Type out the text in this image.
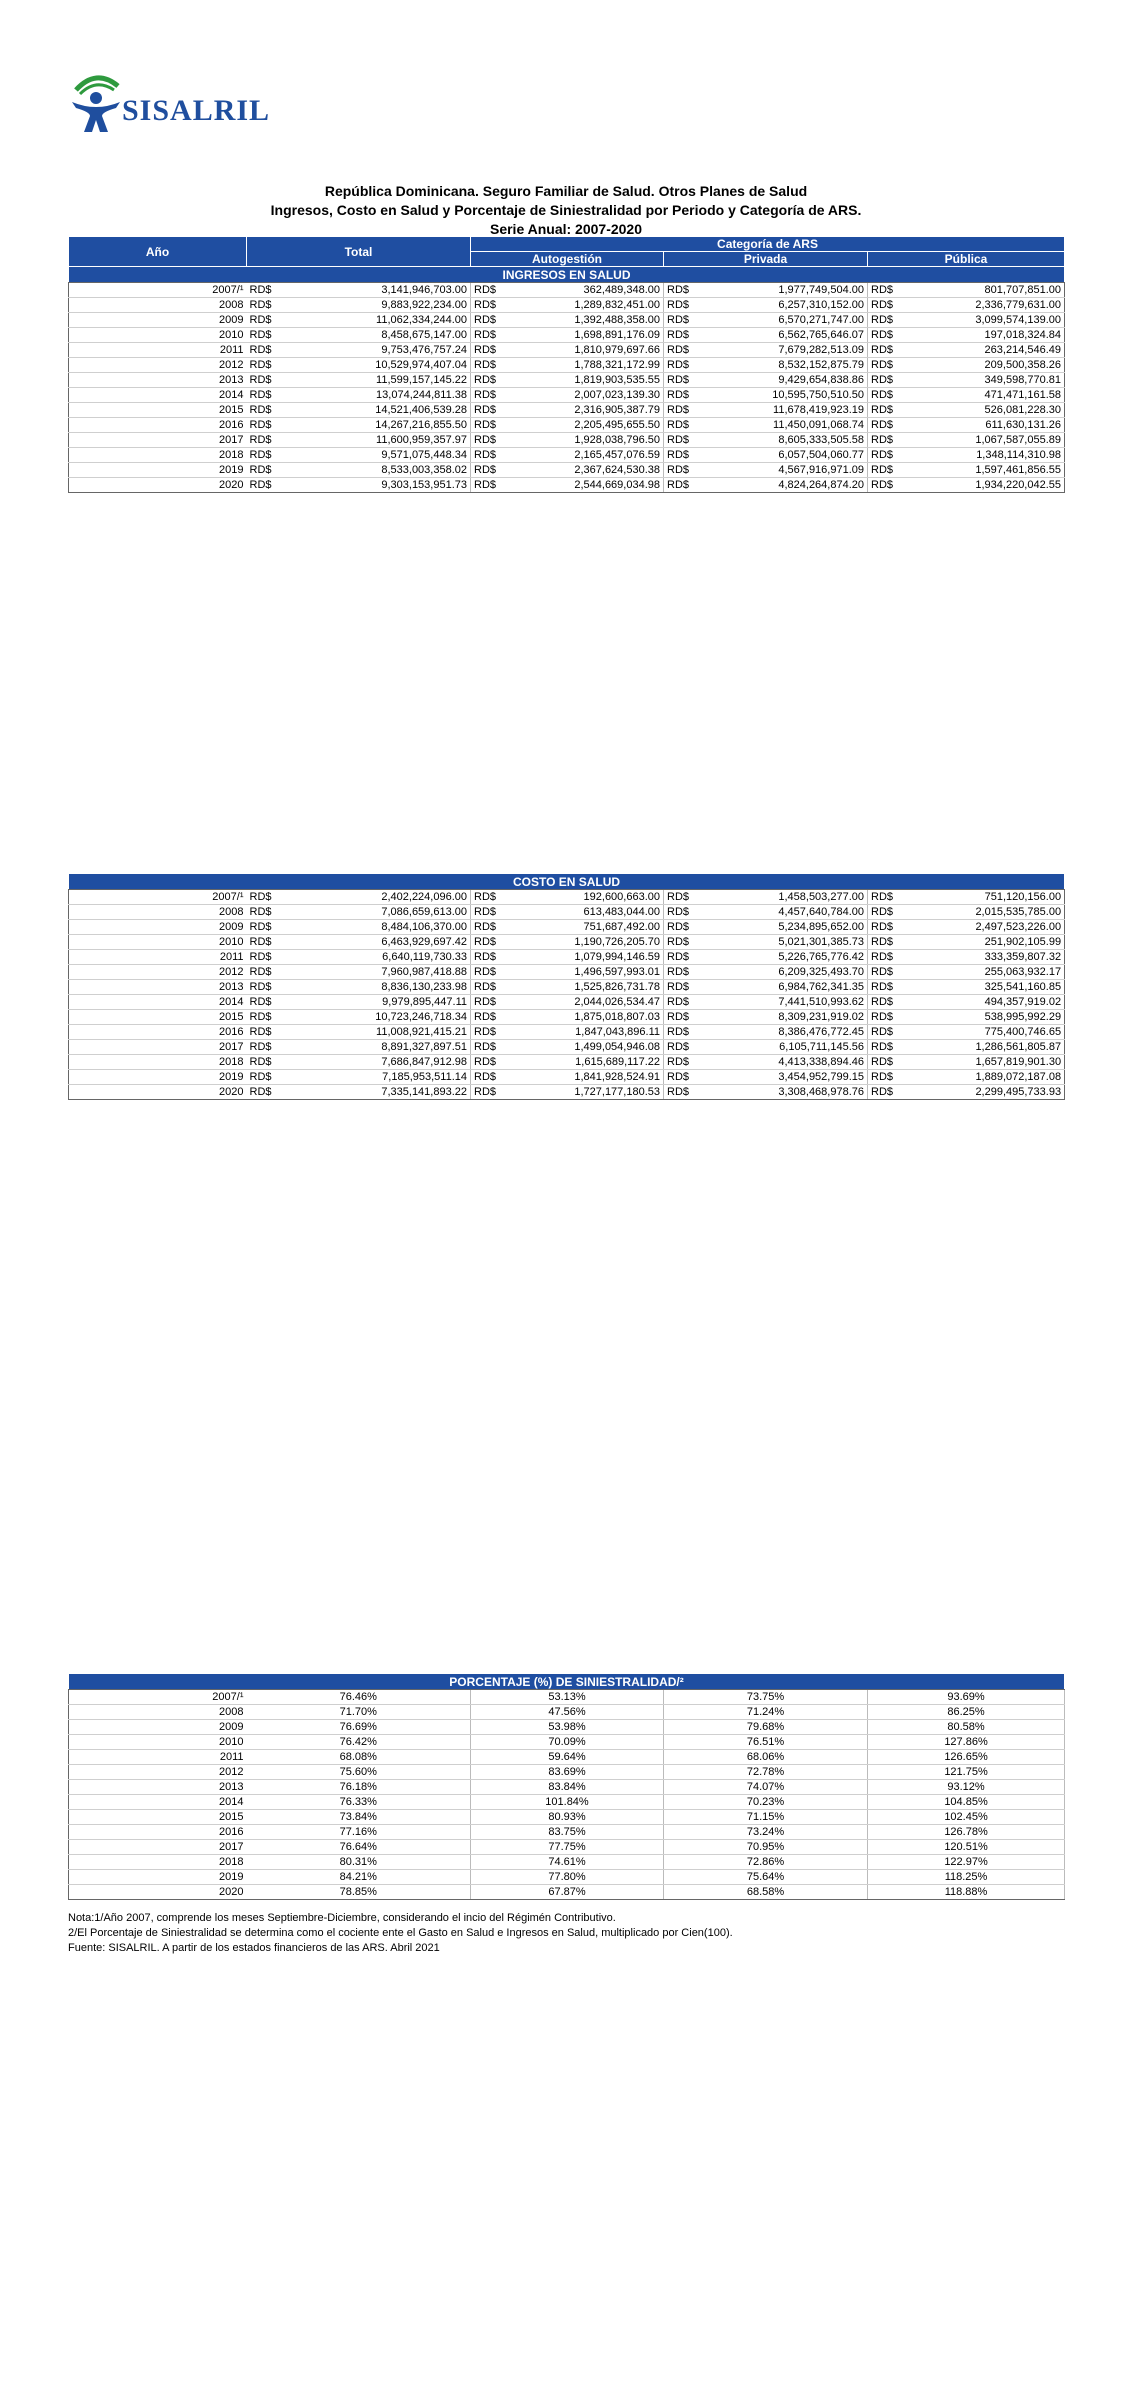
SISALRIL
República Dominicana. Seguro Familiar de Salud. Otros Planes de Salud
Ingresos, Costo en Salud y Porcentaje de Siniestralidad por Periodo y Categoría de ARS.
Serie Anual: 2007-2020
Año	Total		Categoría de ARS					
			Autogestión		Privada		Pública	
INGRESOS EN SALUD								
2007/¹	RD$	3,141,946,703.00	RD$	362,489,348.00	RD$	1,977,749,504.00	RD$	801,707,851.00
2008	RD$	9,883,922,234.00	RD$	1,289,832,451.00	RD$	6,257,310,152.00	RD$	2,336,779,631.00
2009	RD$	11,062,334,244.00	RD$	1,392,488,358.00	RD$	6,570,271,747.00	RD$	3,099,574,139.00
2010	RD$	8,458,675,147.00	RD$	1,698,891,176.09	RD$	6,562,765,646.07	RD$	197,018,324.84
2011	RD$	9,753,476,757.24	RD$	1,810,979,697.66	RD$	7,679,282,513.09	RD$	263,214,546.49
2012	RD$	10,529,974,407.04	RD$	1,788,321,172.99	RD$	8,532,152,875.79	RD$	209,500,358.26
2013	RD$	11,599,157,145.22	RD$	1,819,903,535.55	RD$	9,429,654,838.86	RD$	349,598,770.81
2014	RD$	13,074,244,811.38	RD$	2,007,023,139.30	RD$	10,595,750,510.50	RD$	471,471,161.58
2015	RD$	14,521,406,539.28	RD$	2,316,905,387.79	RD$	11,678,419,923.19	RD$	526,081,228.30
2016	RD$	14,267,216,855.50	RD$	2,205,495,655.50	RD$	11,450,091,068.74	RD$	611,630,131.26
2017	RD$	11,600,959,357.97	RD$	1,928,038,796.50	RD$	8,605,333,505.58	RD$	1,067,587,055.89
2018	RD$	9,571,075,448.34	RD$	2,165,457,076.59	RD$	6,057,504,060.77	RD$	1,348,114,310.98
2019	RD$	8,533,003,358.02	RD$	2,367,624,530.38	RD$	4,567,916,971.09	RD$	1,597,461,856.55
2020	RD$	9,303,153,951.73	RD$	2,544,669,034.98	RD$	4,824,264,874.20	RD$	1,934,220,042.55
COSTO EN SALUD								
2007/¹	RD$	2,402,224,096.00	RD$	192,600,663.00	RD$	1,458,503,277.00	RD$	751,120,156.00
2008	RD$	7,086,659,613.00	RD$	613,483,044.00	RD$	4,457,640,784.00	RD$	2,015,535,785.00
2009	RD$	8,484,106,370.00	RD$	751,687,492.00	RD$	5,234,895,652.00	RD$	2,497,523,226.00
2010	RD$	6,463,929,697.42	RD$	1,190,726,205.70	RD$	5,021,301,385.73	RD$	251,902,105.99
2011	RD$	6,640,119,730.33	RD$	1,079,994,146.59	RD$	5,226,765,776.42	RD$	333,359,807.32
2012	RD$	7,960,987,418.88	RD$	1,496,597,993.01	RD$	6,209,325,493.70	RD$	255,063,932.17
2013	RD$	8,836,130,233.98	RD$	1,525,826,731.78	RD$	6,984,762,341.35	RD$	325,541,160.85
2014	RD$	9,979,895,447.11	RD$	2,044,026,534.47	RD$	7,441,510,993.62	RD$	494,357,919.02
2015	RD$	10,723,246,718.34	RD$	1,875,018,807.03	RD$	8,309,231,919.02	RD$	538,995,992.29
2016	RD$	11,008,921,415.21	RD$	1,847,043,896.11	RD$	8,386,476,772.45	RD$	775,400,746.65
2017	RD$	8,891,327,897.51	RD$	1,499,054,946.08	RD$	6,105,711,145.56	RD$	1,286,561,805.87
2018	RD$	7,686,847,912.98	RD$	1,615,689,117.22	RD$	4,413,338,894.46	RD$	1,657,819,901.30
2019	RD$	7,185,953,511.14	RD$	1,841,928,524.91	RD$	3,454,952,799.15	RD$	1,889,072,187.08
2020	RD$	7,335,141,893.22	RD$	1,727,177,180.53	RD$	3,308,468,978.76	RD$	2,299,495,733.93
PORCENTAJE (%) DE SINIESTRALIDAD/²				
2007/¹	76.46%	53.13%	73.75%	93.69%
2008	71.70%	47.56%	71.24%	86.25%
2009	76.69%	53.98%	79.68%	80.58%
2010	76.42%	70.09%	76.51%	127.86%
2011	68.08%	59.64%	68.06%	126.65%
2012	75.60%	83.69%	72.78%	121.75%
2013	76.18%	83.84%	74.07%	93.12%
2014	76.33%	101.84%	70.23%	104.85%
2015	73.84%	80.93%	71.15%	102.45%
2016	77.16%	83.75%	73.24%	126.78%
2017	76.64%	77.75%	70.95%	120.51%
2018	80.31%	74.61%	72.86%	122.97%
2019	84.21%	77.80%	75.64%	118.25%
2020	78.85%	67.87%	68.58%	118.88%
Nota:1/Año 2007, comprende los meses Septiembre-Diciembre, considerando el incio del Régimén Contributivo.
2/El Porcentaje de Siniestralidad se determina como el cociente ente el Gasto en Salud e Ingresos en Salud, multiplicado por Cien(100).
Fuente: SISALRIL. A partir de los estados financieros de las ARS. Abril 2021
